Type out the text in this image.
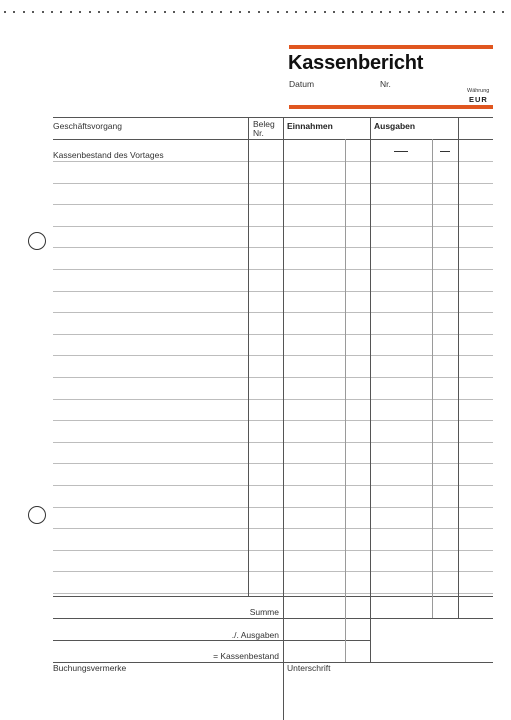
Kassenbericht
Datum	Nr.
Währung
EUR
Geschäftsvorgang	Beleg
Nr.
Einnahmen	Ausgaben
Kassenbestand des Vortages
Summe
./. Ausgaben
= Kassenbestand
Buchungsvermerke	Unterschrift
